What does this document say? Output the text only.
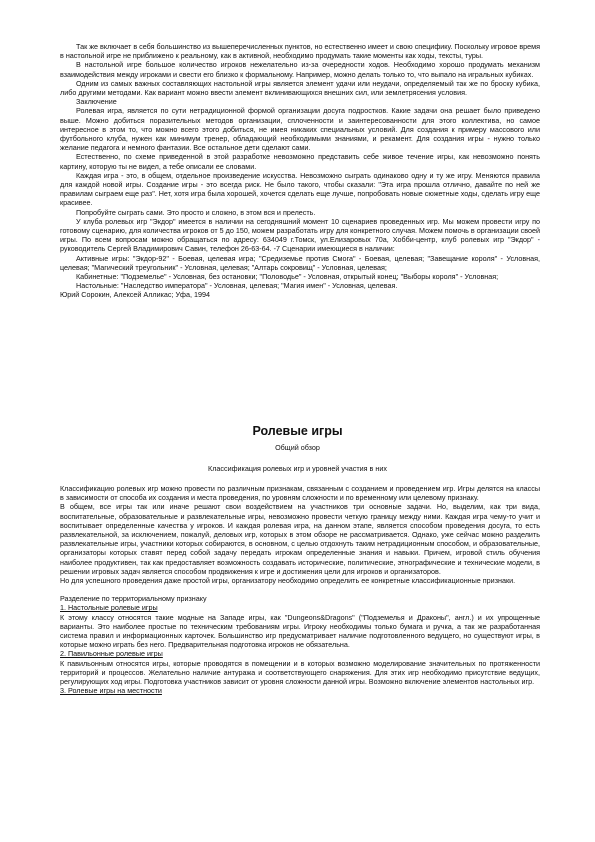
Так же включает в себя большинство из вышеперечисленных пунктов, но естественно имеет и свою специфику. Поскольку игровое время в настольной игре не приближено к реальному, как в активной, необходимо продумать такие моменты как ходы, тексты, туры.

В настольной игре большое количество игроков нежелательно из-за очередности ходов. Необходимо хорошо продумать механизм взаимодействия между игроками и свести его близко к формальному. Например, можно делать только то, что выпало на игральных кубиках.

Одним из самых важных составляющих настольной игры является элемент удачи или неудачи, определяемый так же по броску кубика, либо другими методами. Как вариант можно ввести элемент вклинивающихся внешних сил, или землетрясения условия.

Заключение

Ролевая игра, является по сути нетрадиционной формой организации досуга подростков. Какие задачи она решает было приведено выше. Можно добиться поразительных методов организации, сплоченности и заинтересованности для этого коллектива, но самое интересное в этом то, что можно всего этого добиться, не имея никаких специальных условий. Для создания к примеру массового или футбольного клуба, нужен как минимум тренер, обладающий необходимыми знаниями, и рекамент. Для создания игры - нужно только желание педагога и немного фантазии. Все остальное дети сделают сами.

Естественно, по схеме приведенной в этой разработке невозможно представить себе живое течение игры, как невозможно понять картину, которую ты не видел, а тебе описали ее словами.

Каждая игра - это, в общем, отдельное произведение искусства. Невозможно сыграть одинаково одну и ту же игру. Меняются правила для каждой новой игры. Создание игры - это всегда риск. Не было такого, чтобы сказали: "Эта игра прошла отлично, давайте по ней же правилам сыграем еще раз". Нет, хотя игра была хорошей, хочется сделать еще лучше, попробовать новые сюжетные ходы, сделать игру еще красивее.

Попробуйте сыграть сами. Это просто и сложно, в этом вся и прелесть.

У клуба ролевых игр "Экдор" имеется в наличии на сегодняшний момент 10 сценариев проведенных игр. Мы можем провести игру по готовому сценарию, для количества игроков от 5 до 150, можем разработать игру для конкретного случая. Можем помочь в организации своей игры. По всем вопросам можно обращаться по адресу: 634049 г.Томск, ул.Елизаровых 70а, Хобби-центр, клуб ролевых игр "Экдор" - руководитель Сергей Владимирович Савин, телефон 26-63-64. -7 Сценарии имеющиеся в наличии:

Активные игры: "Экдор-92" - Боевая, целевая игра; "Средиземье против Смога" - Боевая, целевая; "Завещание короля" - Условная, целевая; "Магический треугольник" - Условная, целевая; "Алтарь сокровищ" - Условная, целевая;

Кабинетные: "Подземелье" - Условная, без остановки; "Половодье" - Условная, открытый конец; "Выборы короля" - Условная;

Настольные: "Наследство императора" - Условная, целевая; "Магия имен" - Условная, целевая.

Юрий Сорокин, Алексей Алликас; Уфа, 1994

Ролевые игры
Общий обзор
Классификация ролевых игр и уровней участия в них

Классификацию ролевых игр можно провести по различным признакам, связанным с созданием и проведением игр. Игры делятся на классы в зависимости от способа их создания и места проведения, по уровням сложности и по временному или целевому признаку.

В общем, все игры так или иначе решают свои воздействием на участников три основные задачи. Но, выделим, как три вида, воспитательные, образовательные и развлекательные игры, невозможно провести четкую границу между ними. Каждая игра чему-то учит и воспитывает определенные качества у игроков. И каждая ролевая игра, на данном этапе, является способом проведения досуга, то есть развлекательной, за исключением, пожалуй, деловых игр, которых в этом обзоре не рассматривается. Однако, уже сейчас можно разделить развлекательные игры, участники которых собираются, в основном, с целью отдохнуть таким нетрадиционным способом, и образовательные, организаторы которых ставят перед собой задачу передать игрокам определенные знания и навыки. Причем, игровой стиль обучения наиболее продуктивен, так как предоставляет возможность создавать исторические, политические, этнографические и технические модели, в решении игровых задач является способом продвижения к игре и достижения цели для игроков и организаторов.

Но для успешного проведения даже простой игры, организатору необходимо определить ее конкретные классификационные признаки.

Разделение по территориальному признаку

1. Настольные ролевые игры

К этому классу относятся такие модные на Западе игры, как "Dungeons&Dragons" ("Подземелья и Драконы", англ.) и их упрощенные варианты. Это наиболее простые по техническим требованиям игры. Игроку необходимы только бумага и ручка, а так же разработанная система правил и информационных карточек. Большинство игр предусматривает наличие подготовленного ведущего, но существуют игры, в которые можно играть без него. Предварительная подготовка игроков не обязательна.

2. Павильонные ролевые игры

К павильонным относятся игры, которые проводятся в помещении и в которых возможно моделирование значительных по протяженности территорий и процессов. Желательно наличие антуража и соответствующего снаряжения. Для этих игр необходимо присутствие ведущих, регулирующих ход игры. Подготовка участников зависит от уровня сложности данной игры. Возможно включение элементов настольных игр.

3. Ролевые игры на местности
